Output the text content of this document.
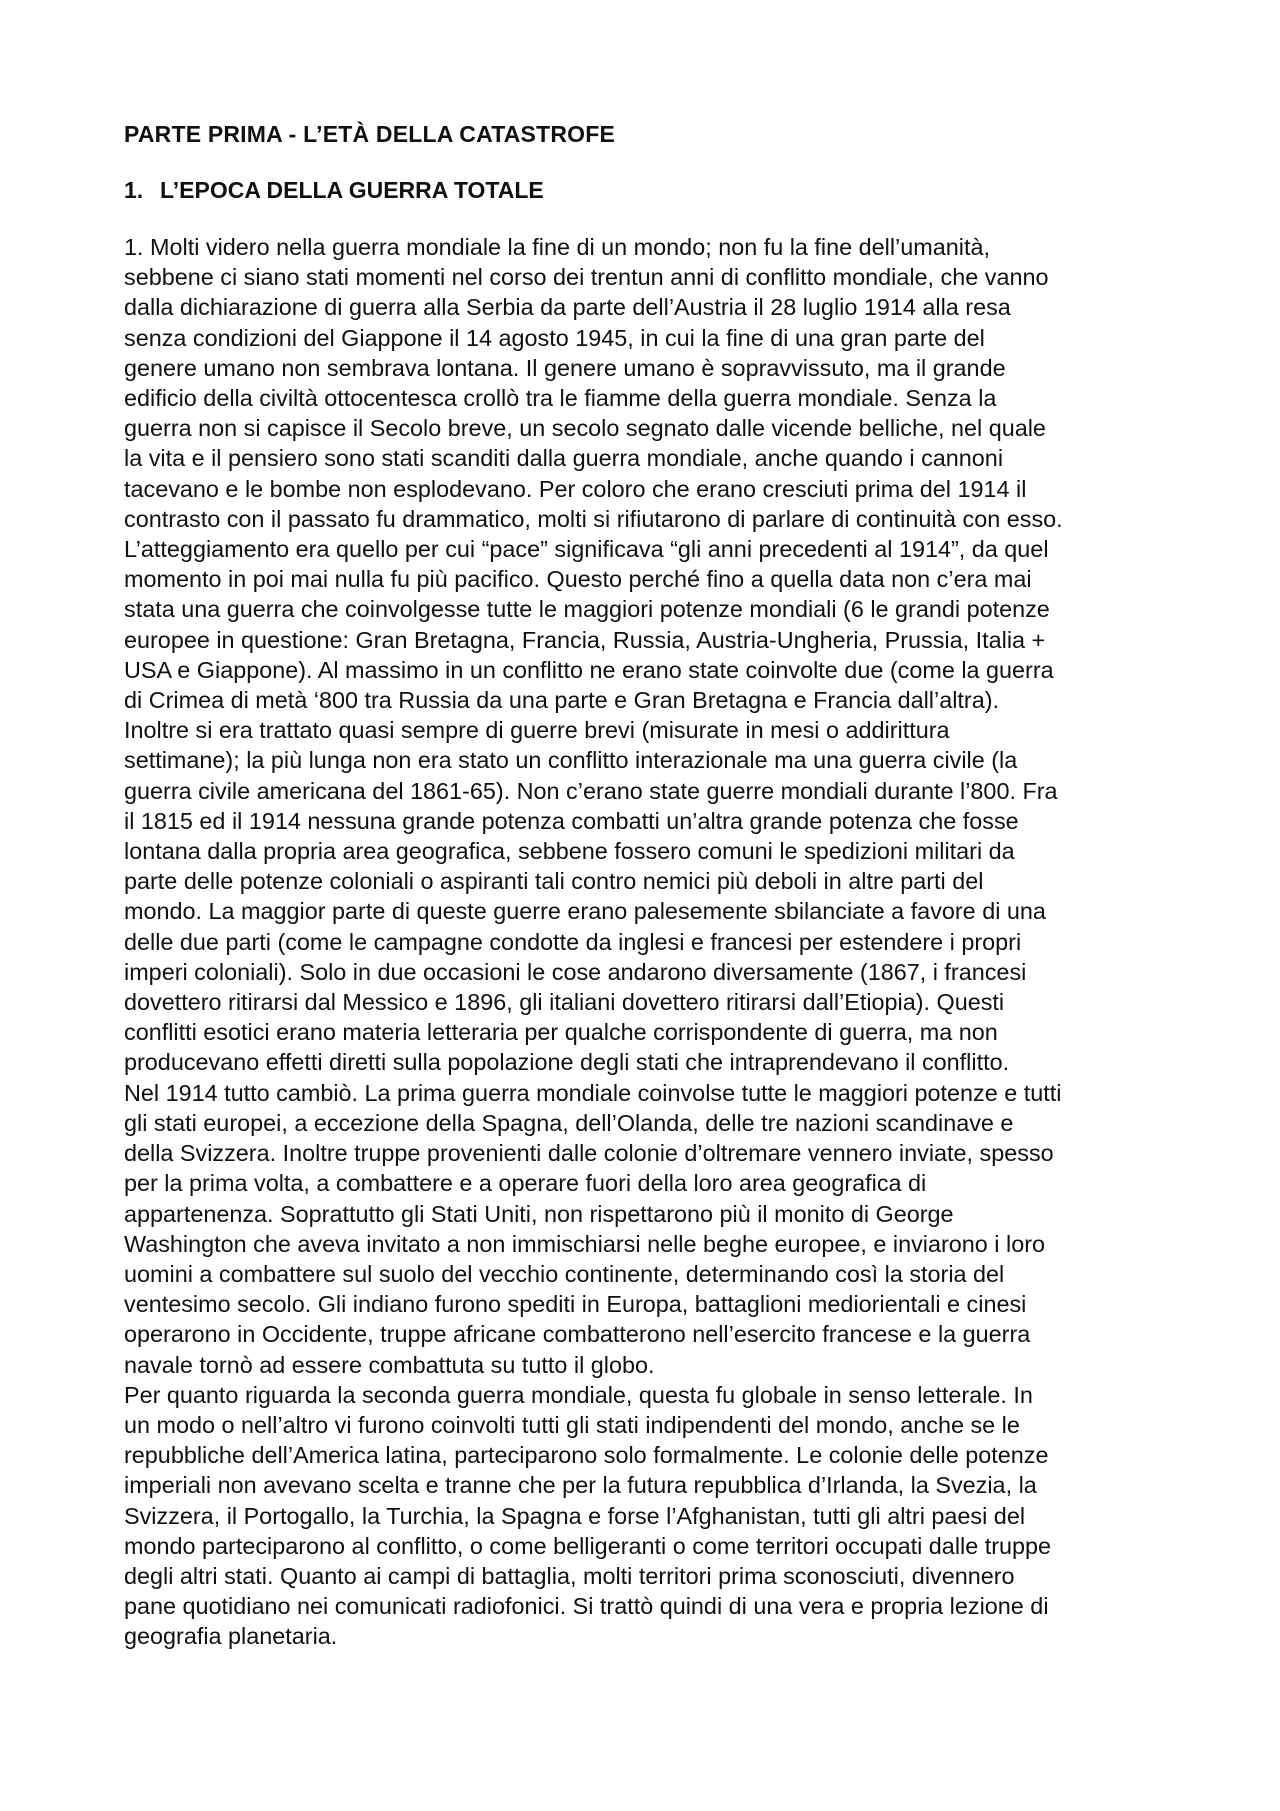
PARTE PRIMA - L’ETÀ DELLA CATASTROFE
1. L’EPOCA DELLA GUERRA TOTALE
1. Molti videro nella guerra mondiale la fine di un mondo; non fu la fine dell’umanità,
sebbene ci siano stati momenti nel corso dei trentun anni di conflitto mondiale, che vanno
dalla dichiarazione di guerra alla Serbia da parte dell’Austria il 28 luglio 1914 alla resa
senza condizioni del Giappone il 14 agosto 1945, in cui la fine di una gran parte del
genere umano non sembrava lontana. Il genere umano è sopravvissuto, ma il grande
edificio della civiltà ottocentesca crollò tra le fiamme della guerra mondiale. Senza la
guerra non si capisce il Secolo breve, un secolo segnato dalle vicende belliche, nel quale
la vita e il pensiero sono stati scanditi dalla guerra mondiale, anche quando i cannoni
tacevano e le bombe non esplodevano. Per coloro che erano cresciuti prima del 1914 il
contrasto con il passato fu drammatico, molti si rifiutarono di parlare di continuità con esso.
L’atteggiamento era quello per cui “pace” significava “gli anni precedenti al 1914”, da quel
momento in poi mai nulla fu più pacifico. Questo perché fino a quella data non c’era mai
stata una guerra che coinvolgesse tutte le maggiori potenze mondiali (6 le grandi potenze
europee in questione: Gran Bretagna, Francia, Russia, Austria-Ungheria, Prussia, Italia +
USA e Giappone). Al massimo in un conflitto ne erano state coinvolte due (come la guerra
di Crimea di metà ‘800 tra Russia da una parte e Gran Bretagna e Francia dall’altra).
Inoltre si era trattato quasi sempre di guerre brevi (misurate in mesi o addirittura
settimane); la più lunga non era stato un conflitto interazionale ma una guerra civile (la
guerra civile americana del 1861-65). Non c’erano state guerre mondiali durante l’800. Fra
il 1815 ed il 1914 nessuna grande potenza combatti un’altra grande potenza che fosse
lontana dalla propria area geografica, sebbene fossero comuni le spedizioni militari da
parte delle potenze coloniali o aspiranti tali contro nemici più deboli in altre parti del
mondo. La maggior parte di queste guerre erano palesemente sbilanciate a favore di una
delle due parti (come le campagne condotte da inglesi e francesi per estendere i propri
imperi coloniali). Solo in due occasioni le cose andarono diversamente (1867, i francesi
dovettero ritirarsi dal Messico e 1896, gli italiani dovettero ritirarsi dall’Etiopia). Questi
conflitti esotici erano materia letteraria per qualche corrispondente di guerra, ma non
producevano effetti diretti sulla popolazione degli stati che intraprendevano il conflitto.
Nel 1914 tutto cambiò. La prima guerra mondiale coinvolse tutte le maggiori potenze e tutti
gli stati europei, a eccezione della Spagna, dell’Olanda, delle tre nazioni scandinave e
della Svizzera. Inoltre truppe provenienti dalle colonie d’oltremare vennero inviate, spesso
per la prima volta, a combattere e a operare fuori della loro area geografica di
appartenenza. Soprattutto gli Stati Uniti, non rispettarono più il monito di George
Washington che aveva invitato a non immischiarsi nelle beghe europee, e inviarono i loro
uomini a combattere sul suolo del vecchio continente, determinando così la storia del
ventesimo secolo. Gli indiano furono spediti in Europa, battaglioni mediorientali e cinesi
operarono in Occidente, truppe africane combatterono nell’esercito francese e la guerra
navale tornò ad essere combattuta su tutto il globo.
Per quanto riguarda la seconda guerra mondiale, questa fu globale in senso letterale. In
un modo o nell’altro vi furono coinvolti tutti gli stati indipendenti del mondo, anche se le
repubbliche dell’America latina, parteciparono solo formalmente. Le colonie delle potenze
imperiali non avevano scelta e tranne che per la futura repubblica d’Irlanda, la Svezia, la
Svizzera, il Portogallo, la Turchia, la Spagna e forse l’Afghanistan, tutti gli altri paesi del
mondo parteciparono al conflitto, o come belligeranti o come territori occupati dalle truppe
degli altri stati. Quanto ai campi di battaglia, molti territori prima sconosciuti, divennero
pane quotidiano nei comunicati radiofonici. Si trattò quindi di una vera e propria lezione di
geografia planetaria.
